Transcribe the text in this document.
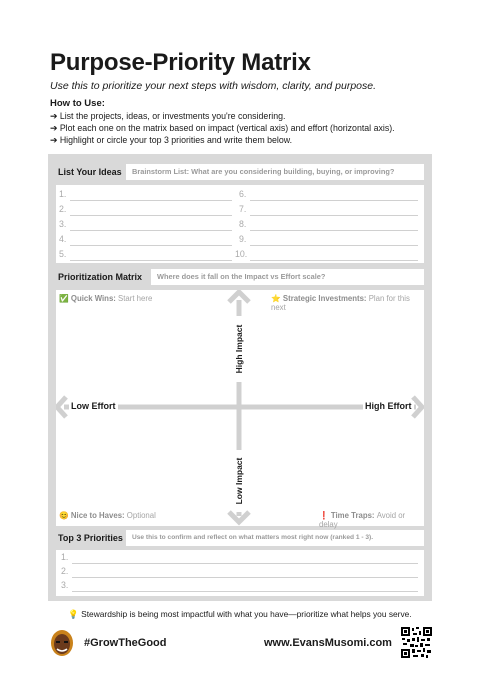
Purpose-Priority Matrix
Use this to prioritize your next steps with wisdom, clarity, and purpose.
How to Use:
➔ List the projects, ideas, or investments you're considering.
➔ Plot each one on the matrix based on impact (vertical axis) and effort (horizontal axis).
➔ Highlight or circle your top 3 priorities and write them below.
List Your Ideas	Brainstorm List: What are you considering building, buying, or improving?
1.
2.
3.
4.
5.
6.
7.
8.
9.
10.
Prioritization Matrix	Where does it fall on the Impact vs Effort scale?
✅ Quick Wins: Start here	⭐ Strategic Investments: Plan for this next
😊 Nice to Haves: Optional	❗ Time Traps: Avoid or delay
High Impact
Low Impact
Low Effort	High Effort
Top 3 Priorities	Use this to confirm and reflect on what matters most right now (ranked 1 - 3).
1.
2.
3.
💡 Stewardship is being most impactful with what you have—prioritize what helps you serve.
#GrowTheGood	www.EvansMusomi.com
